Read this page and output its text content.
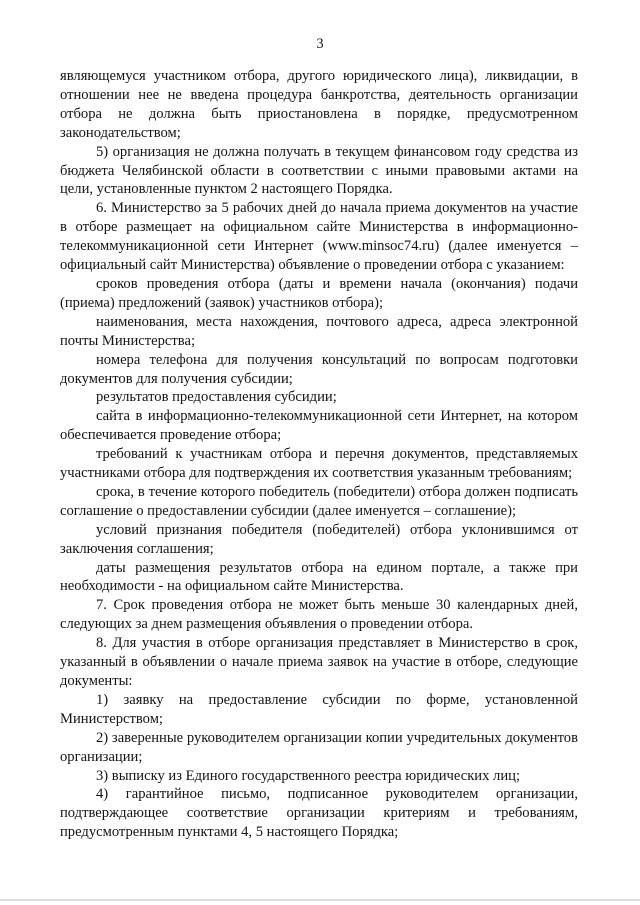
3

являющемуся участником отбора, другого юридического лица), ликвидации, в отношении нее не введена процедура банкротства, деятельность организации отбора не должна быть приостановлена в порядке, предусмотренном законодательством;

5) организация не должна получать в текущем финансовом году средства из бюджета Челябинской области в соответствии с иными правовыми актами на цели, установленные пунктом 2 настоящего Порядка.

6. Министерство за 5 рабочих дней до начала приема документов на участие в отборе размещает на официальном сайте Министерства в информационно-телекоммуникационной сети Интернет (www.minsoc74.ru) (далее именуется – официальный сайт Министерства) объявление о проведении отбора с указанием:

сроков проведения отбора (даты и времени начала (окончания) подачи (приема) предложений (заявок) участников отбора);

наименования, места нахождения, почтового адреса, адреса электронной почты Министерства;

номера телефона для получения консультаций по вопросам подготовки документов для получения субсидии;

результатов предоставления субсидии;

сайта в информационно-телекоммуникационной сети Интернет, на котором обеспечивается проведение отбора;

требований к участникам отбора и перечня документов, представляемых участниками отбора для подтверждения их соответствия указанным требованиям;

срока, в течение которого победитель (победители) отбора должен подписать соглашение о предоставлении субсидии (далее именуется – соглашение);

условий признания победителя (победителей) отбора уклонившимся от заключения соглашения;

даты размещения результатов отбора на едином портале, а также при необходимости - на официальном сайте Министерства.

7. Срок проведения отбора не может быть меньше 30 календарных дней, следующих за днем размещения объявления о проведении отбора.

8. Для участия в отборе организация представляет в Министерство в срок, указанный в объявлении о начале приема заявок на участие в отборе, следующие документы:

1) заявку на предоставление субсидии по форме, установленной Министерством;

2) заверенные руководителем организации копии учредительных документов организации;

3) выписку из Единого государственного реестра юридических лиц;

4) гарантийное письмо, подписанное руководителем организации, подтверждающее соответствие организации критериям и требованиям, предусмотренным пунктами 4, 5 настоящего Порядка;
